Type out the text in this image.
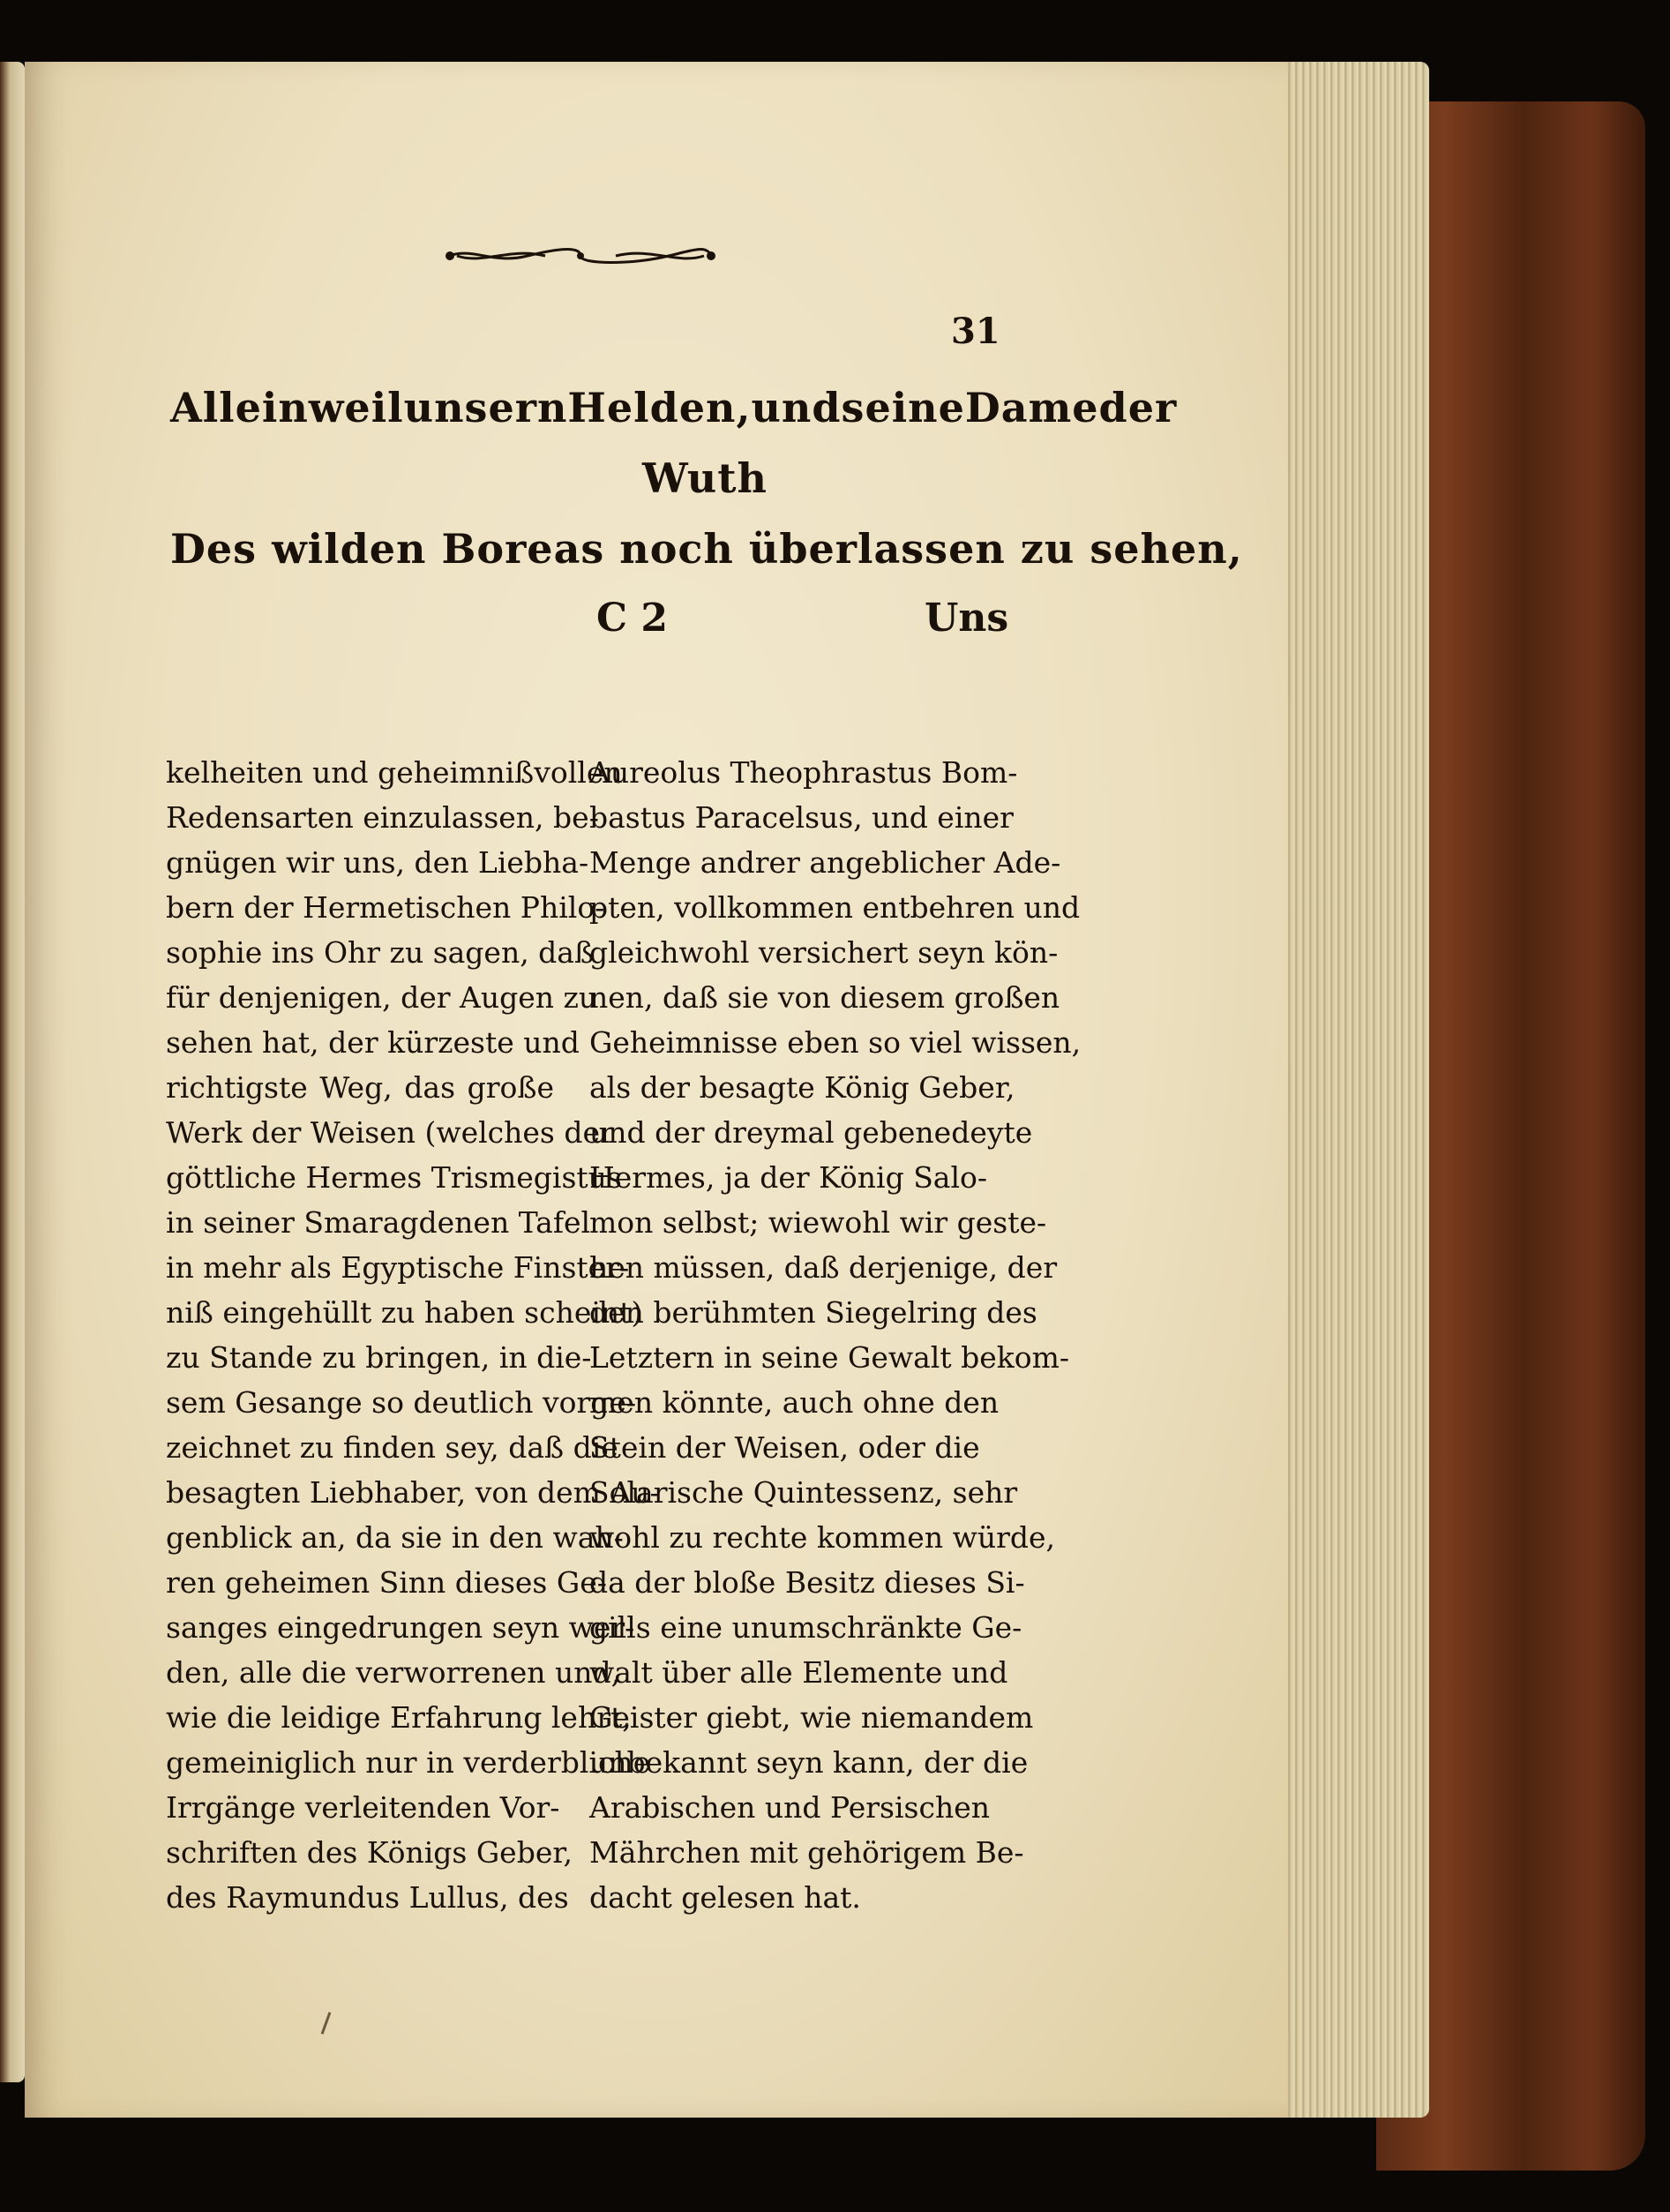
31
Allein weil unsern Helden, und seine Dame der
Wuth
Des wilden Boreas noch überlassen zu sehen,
C 2	Uns
kelheiten und geheimnißvollen
Redensarten einzulassen, be-
gnügen wir uns, den Liebha-
bern der Hermetischen Philo-
sophie ins Ohr zu sagen, daß
für denjenigen, der Augen zu
sehen hat, der kürzeste und
richtigste Weg, das große
Werk der Weisen (welches der
göttliche Hermes Trismegistus
in seiner Smaragdenen Tafel
in mehr als Egyptische Finster-
niß eingehüllt zu haben scheint)
zu Stande zu bringen, in die-
sem Gesange so deutlich vorge-
zeichnet zu finden sey, daß die
besagten Liebhaber, von dem Au-
genblick an, da sie in den wah-
ren geheimen Sinn dieses Ge-
sanges eingedrungen seyn wer-
den, alle die verworrenen und,
wie die leidige Erfahrung lehrt,
gemeiniglich nur in verderbliche
Irrgänge verleitenden Vor-
schriften des Königs Geber,
des Raymundus Lullus, des
Aureolus Theophrastus Bom-
bastus Paracelsus, und einer
Menge andrer angeblicher Ade-
pten, vollkommen entbehren und
gleichwohl versichert seyn kön-
nen, daß sie von diesem großen
Geheimnisse eben so viel wissen,
als der besagte König Geber,
und der dreymal gebenedeyte
Hermes, ja der König Salo-
mon selbst; wiewohl wir geste-
hen müssen, daß derjenige, der
den berühmten Siegelring des
Letztern in seine Gewalt bekom-
men könnte, auch ohne den
Stein der Weisen, oder die
Solarische Quintessenz, sehr
wohl zu rechte kommen würde,
da der bloße Besitz dieses Si-
gills eine unumschränkte Ge-
walt über alle Elemente und
Geister giebt, wie niemandem
unbekannt seyn kann, der die
Arabischen und Persischen
Mährchen mit gehörigem Be-
dacht gelesen hat.
